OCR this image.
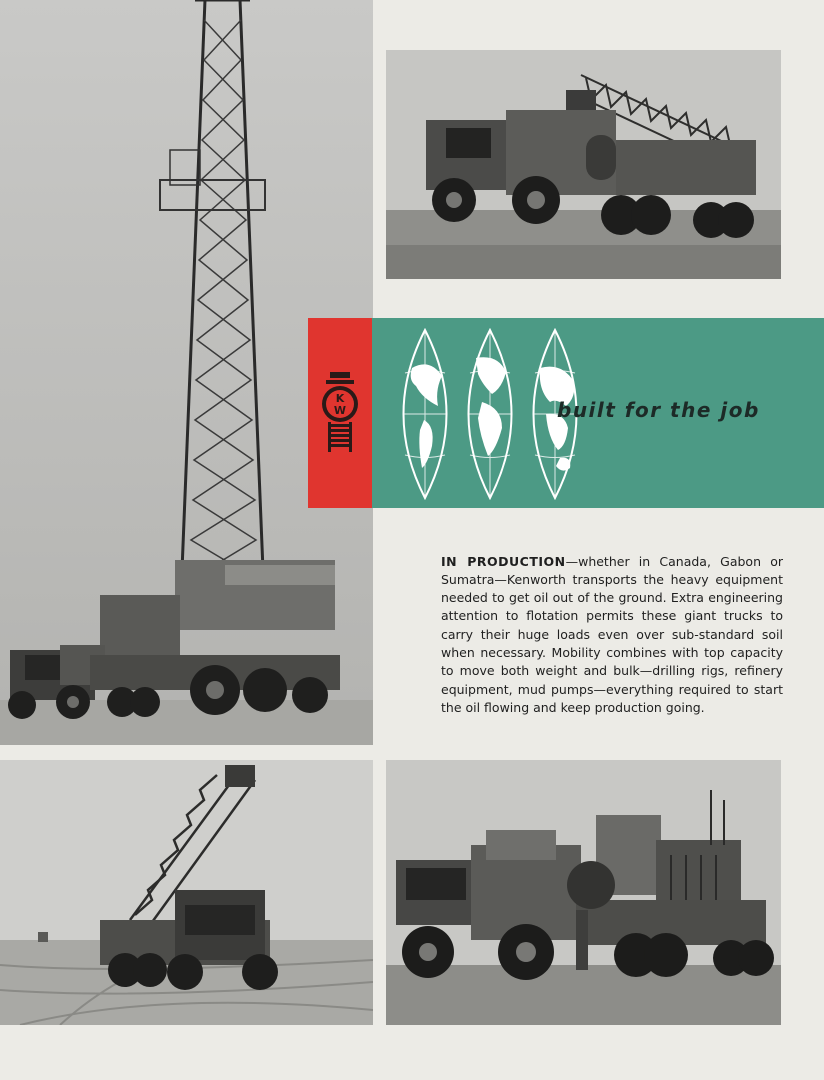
K
W	built for the job

IN PRODUCTION—whether in Canada, Gabon or Sumatra—Kenworth transports the heavy equipment needed to get oil out of the ground. Extra engineering attention to flotation permits these giant trucks to carry their huge loads even over sub-standard soil when necessary. Mobility combines with top capacity to move both weight and bulk—drilling rigs, refinery equipment, mud pumps—everything required to start the oil flowing and keep production going.
